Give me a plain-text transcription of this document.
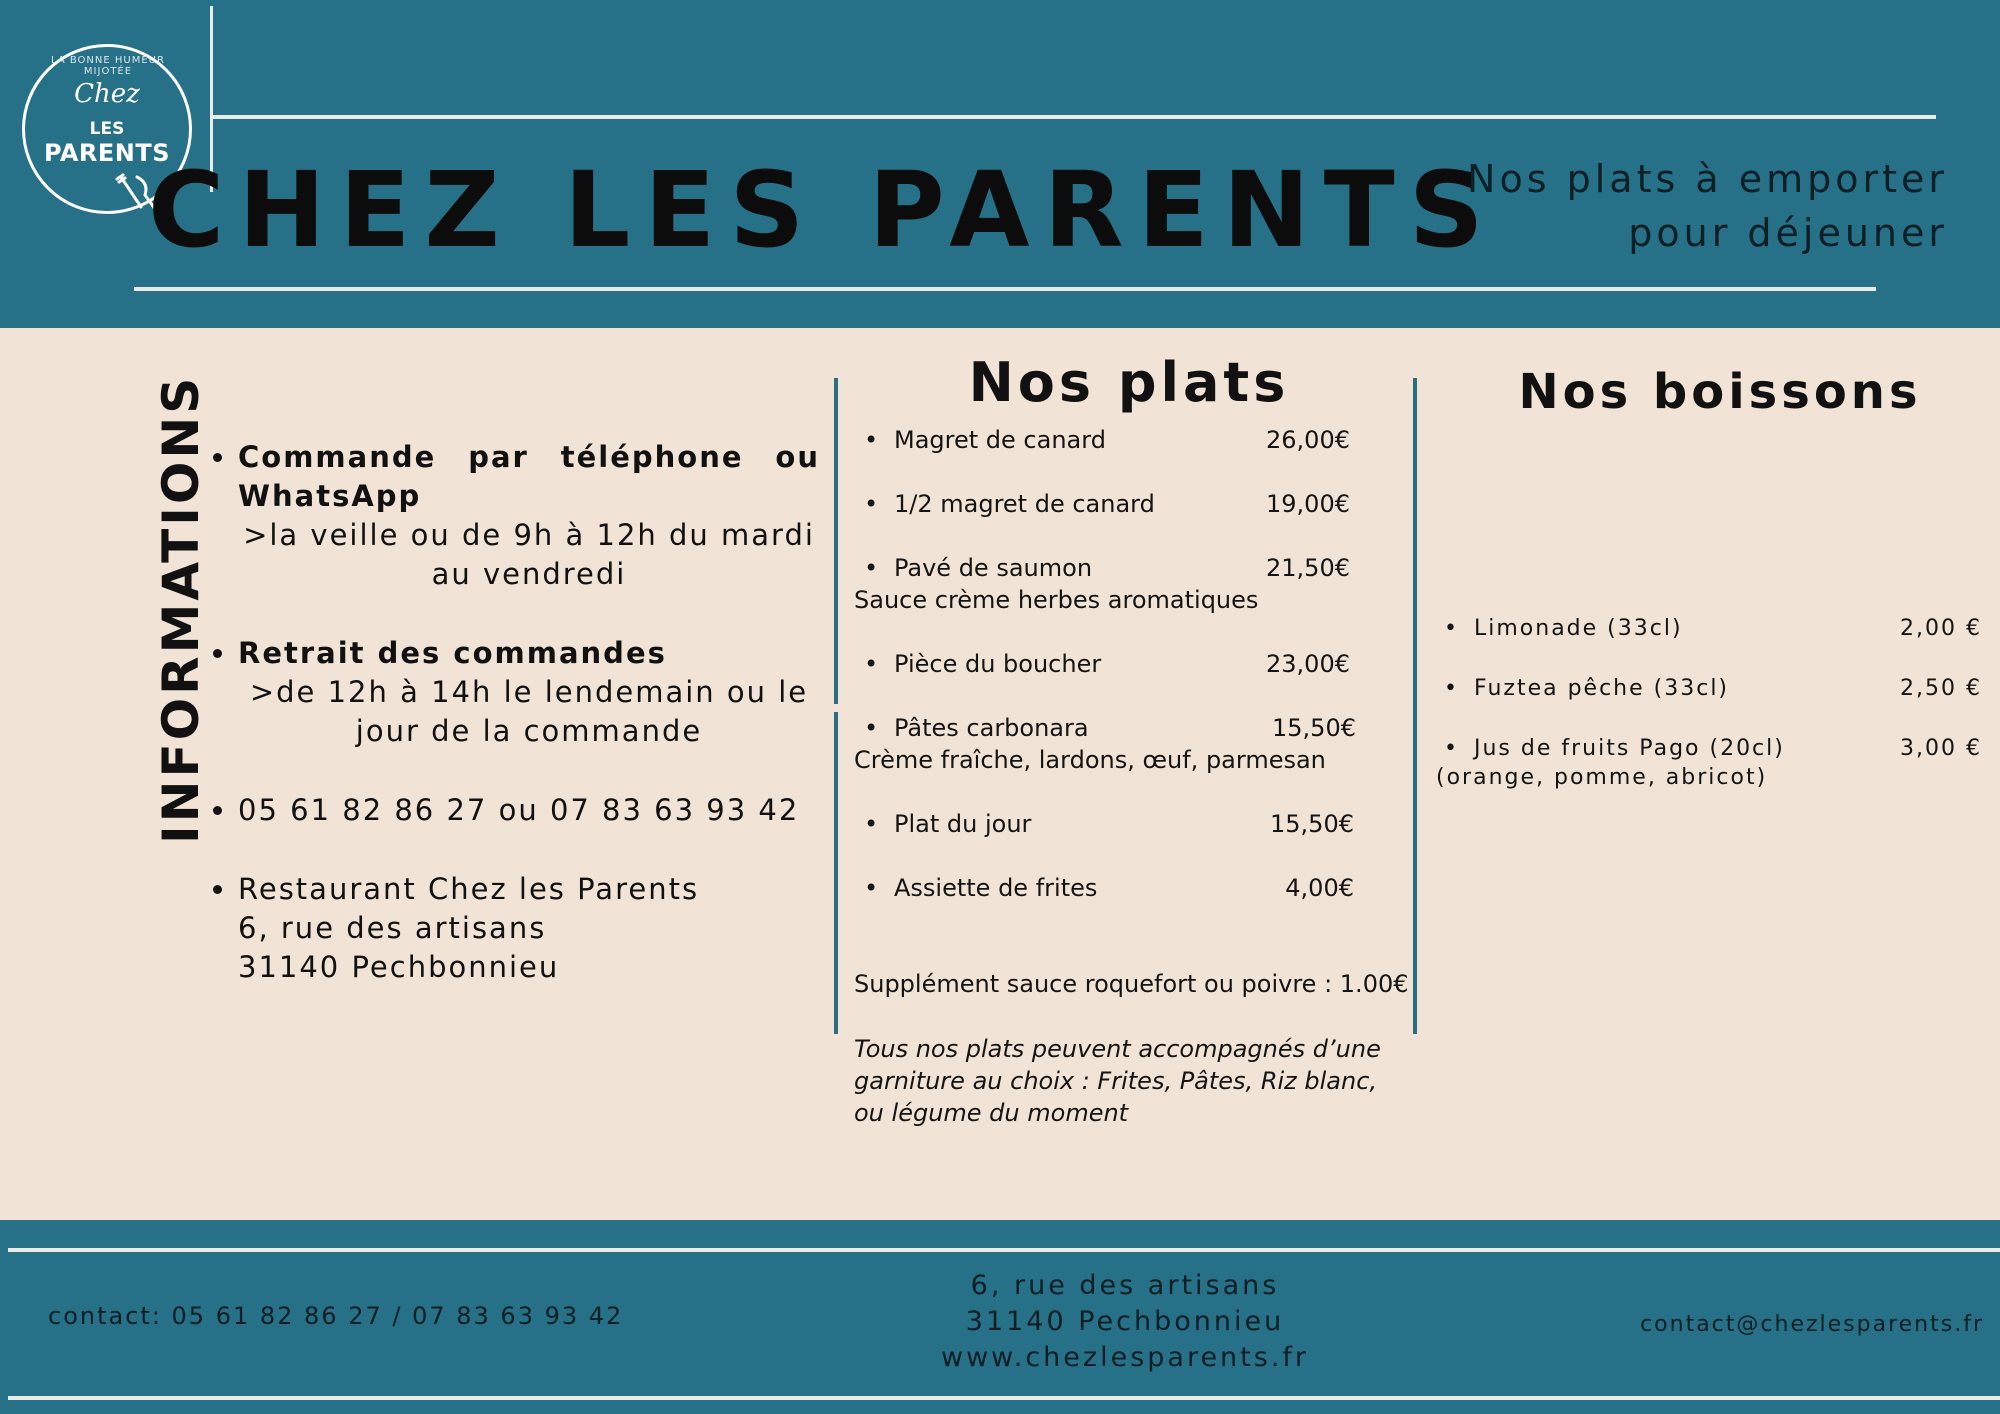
LA BONNE HUMEUR MIJOTÉE
Chez
LES
PARENTS
CHEZ LES PARENTS
Nos plats à emporter
pour déjeuner
INFORMATIONS
• Commande par téléphone ou WhatsApp
>la veille ou de 9h à 12h du mardi au vendredi
• Retrait des commandes
>de 12h à 14h le lendemain ou le jour de la commande
• 05 61 82 86 27 ou 07 83 63 93 42
• Restaurant Chez les Parents
6, rue des artisans
31140 Pechbonnieu
Nos plats
• Magret de canard	26,00€
• 1/2 magret de canard	19,00€
• Pavé de saumon	21,50€
Sauce crème herbes aromatiques
• Pièce du boucher	23,00€
• Pâtes carbonara	15,50€
Crème fraîche, lardons, œuf, parmesan
• Plat du jour	15,50€
• Assiette de frites	4,00€
Supplément sauce roquefort ou poivre : 1.00€
Tous nos plats peuvent accompagnés d’une garniture au choix : Frites, Pâtes, Riz blanc, ou légume du moment
Nos boissons
• Limonade (33cl)	2,00 €
• Fuztea pêche (33cl)	2,50 €
• Jus de fruits Pago (20cl)	3,00 €
(orange, pomme, abricot)
contact: 05 61 82 86 27 / 07 83 63 93 42
6, rue des artisans
31140 Pechbonnieu
www.chezlesparents.fr
contact@chezlesparents.fr
